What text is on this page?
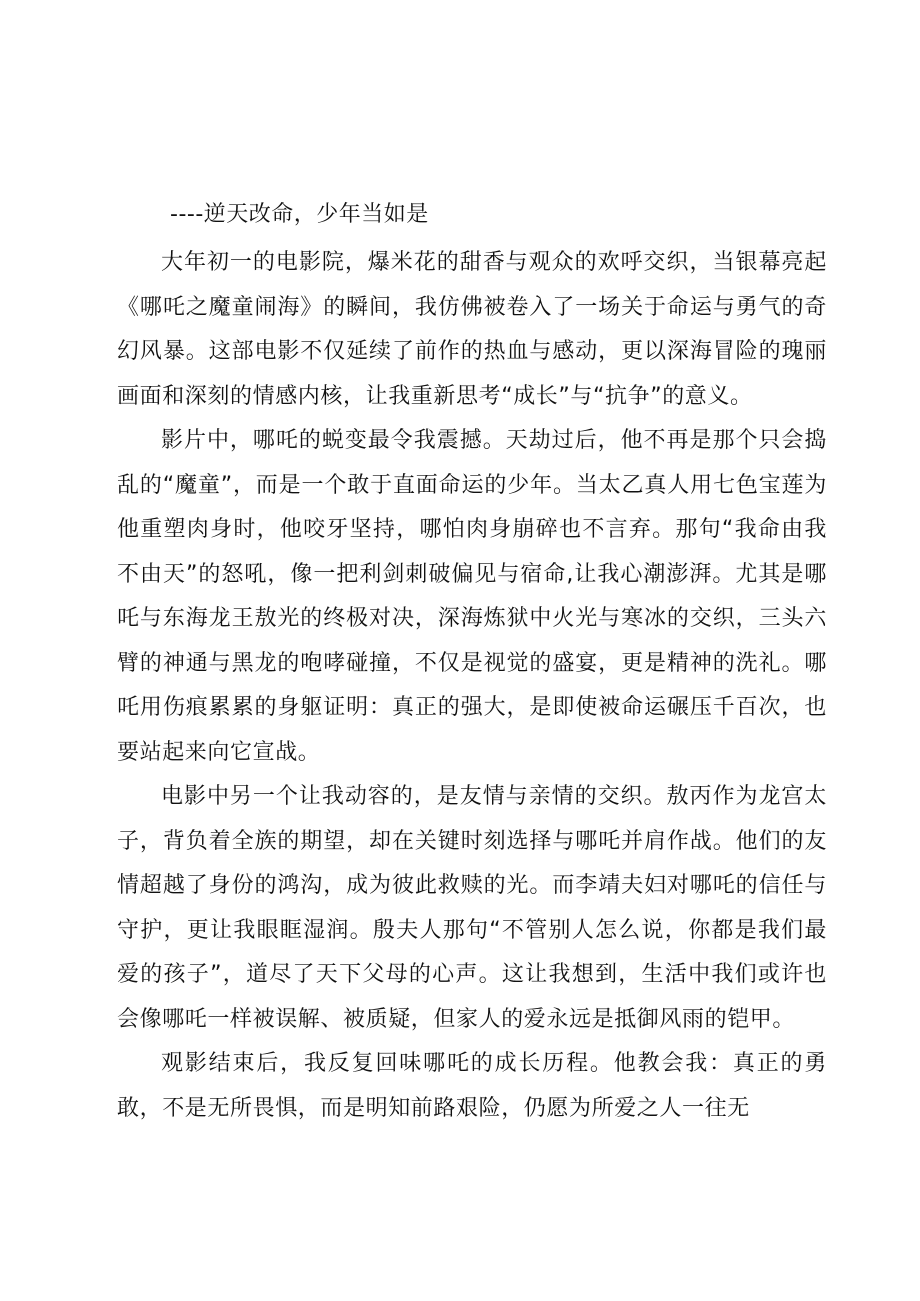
----逆天改命，少年当如是

大年初一的电影院，爆米花的甜香与观众的欢呼交织，当银幕亮起《哪吒之魔童闹海》的瞬间，我仿佛被卷入了一场关于命运与勇气的奇幻风暴。这部电影不仅延续了前作的热血与感动，更以深海冒险的瑰丽画面和深刻的情感内核，让我重新思考“成长”与“抗争”的意义。

影片中，哪吒的蜕变最令我震撼。天劫过后，他不再是那个只会捣乱的“魔童”，而是一个敢于直面命运的少年。当太乙真人用七色宝莲为他重塑肉身时，他咬牙坚持，哪怕肉身崩碎也不言弃。那句“我命由我不由天”的怒吼，像一把利剑刺破偏见与宿命,让我心潮澎湃。尤其是哪吒与东海龙王敖光的终极对决，深海炼狱中火光与寒冰的交织，三头六臂的神通与黑龙的咆哮碰撞，不仅是视觉的盛宴，更是精神的洗礼。哪吒用伤痕累累的身躯证明：真正的强大，是即使被命运碾压千百次，也要站起来向它宣战。

电影中另一个让我动容的，是友情与亲情的交织。敖丙作为龙宫太子，背负着全族的期望，却在关键时刻选择与哪吒并肩作战。他们的友情超越了身份的鸿沟，成为彼此救赎的光。而李靖夫妇对哪吒的信任与守护，更让我眼眶湿润。殷夫人那句“不管别人怎么说，你都是我们最爱的孩子”，道尽了天下父母的心声。这让我想到，生活中我们或许也会像哪吒一样被误解、被质疑，但家人的爱永远是抵御风雨的铠甲。

观影结束后，我反复回味哪吒的成长历程。他教会我：真正的勇敢，不是无所畏惧，而是明知前路艰险，仍愿为所爱之人一往无
